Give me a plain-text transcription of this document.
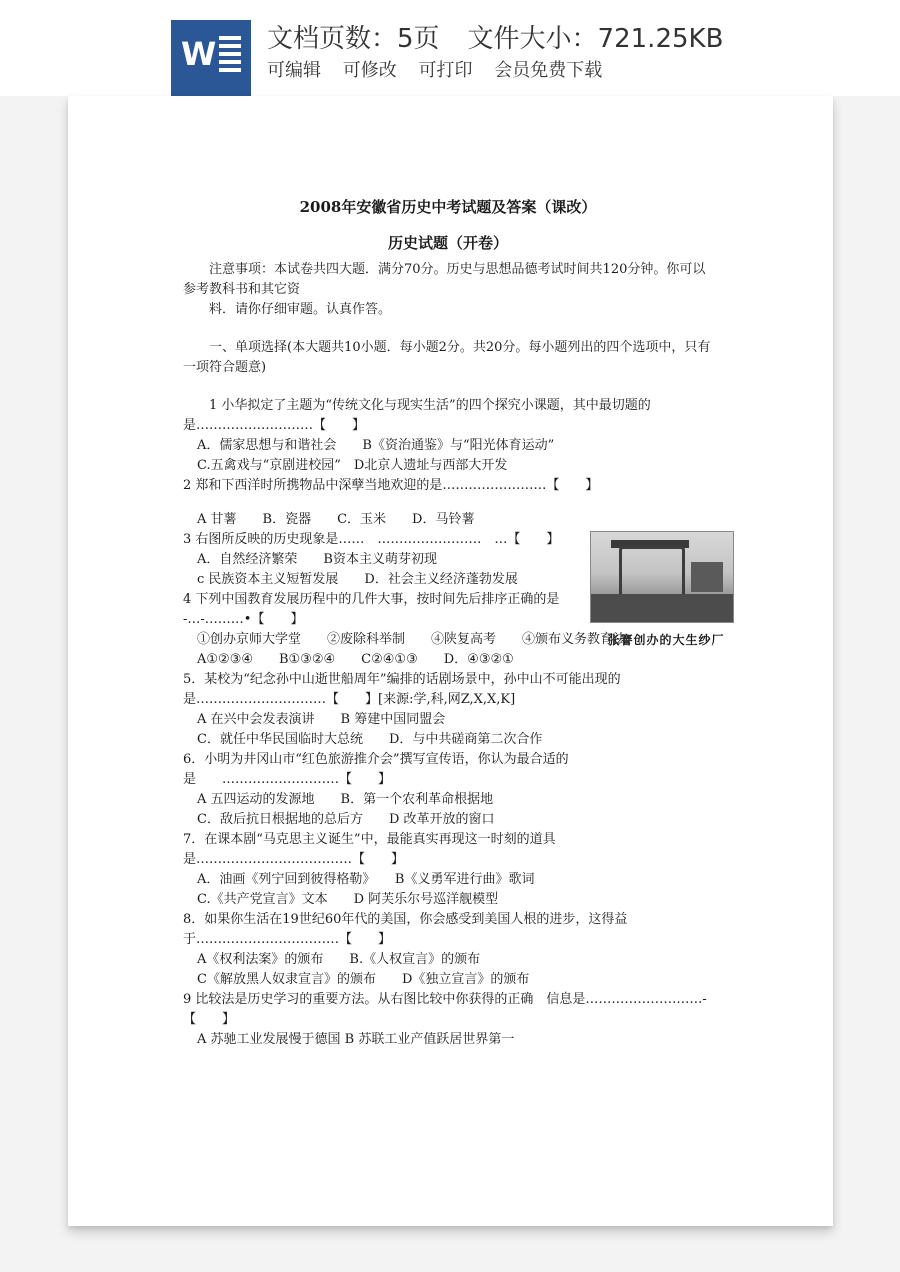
W 文档页数：5页 文件大小：721.25KB
可编辑 可修改 可打印 会员免费下载

2008年安徽省历史中考试题及答案（课改）

历史试题（开卷）

注意事项：本试卷共四大题．满分70分。历史与思想品德考试时间共120分钟。你可以参考教科书和其它资

料．请你仔细审题。认真作答。

一、单项选择(本大题共10小题．每小题2分。共20分。每小题列出的四个选项中，只有一项符合题意)

1 小华拟定了主题为“传统文化与现实生活”的四个探究小课题，其中最切题的是………………………【　　】

A．儒家思想与和谐社会　　B《资治通鉴》与“阳光体育运动”

C.五禽戏与“京剧进校园”　D北京人遗址与西部大开发

2 郑和下西洋时所携物品中深孽当地欢迎的是……………………【　　】

A 甘薯　　B．瓷器　　C．玉米　　D．马铃薯

3 右图所反映的历史现象是……　……………………　…【　　】

A．自然经济繁荣　　B资本主义萌芽初现

c 民族资本主义短暂发展　　D．社会主义经济蓬勃发展

4 下列中国教育发展历程中的几件大事，按时间先后排序正确的是 -…-………•【　　】

①创办京师大学堂　　②废除科举制　　④陕复高考　　④颁布义务教育法

A①②③④　　B①③②④　　C②④①③　　D．④③②①

5．某校为“纪念孙中山逝世船周年”编排的话剧场景中，孙中山不可能出现的是…………………………【　　】[来源:学,科,网Z,X,X,K]

A 在兴中会发表演讲　　B 筹建中国同盟会

C．就任中华民国临时大总统　　D．与中共磋商第二次合作

6．小明为井冈山市“红色旅游推介会”撰写宣传语，你认为最合适的是　　………………………【　　】

A 五四运动的发源地　　B．第一个农利革命根据地

C．敌后抗日根据地的总后方　　D 改革开放的窗口

7．在课本剧“马克思主义诞生”中，最能真实再现这一时刻的道具是………………………………【　　】

A．油画《列宁回到彼得格勒》　　B《义勇军进行曲》歌词

C.《共产党宣言》文本　　D 阿芙乐尔号巡洋舰模型

8．如果你生活在19世纪60年代的美国，你会感受到美国人根的进步，这得益于……………………………【　　】

A《权利法案》的颁布　　B.《人权宣言》的颁布

C《解放黑人奴隶宣言》的颁布　　D《独立宣言》的颁布

9 比较法是历史学习的重要方法。从右图比较中你获得的正确　信息是………………………-【　　】

A 苏驰工业发展慢于德国 B 苏联工业产值跃居世界第一

张謇创办的大生纱厂
